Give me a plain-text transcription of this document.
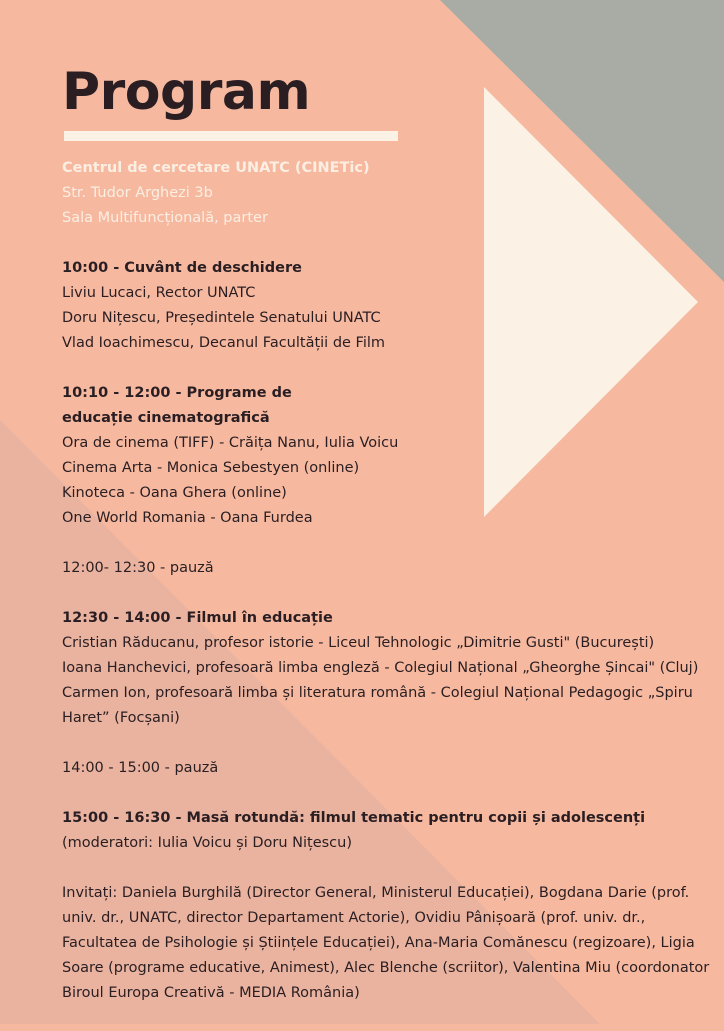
Program
Centrul de cercetare UNATC (CINETic)
Str. Tudor Arghezi 3b
Sala Multifuncțională, parter
10:00 - Cuvânt de deschidere
Liviu Lucaci, Rector UNATC
Doru Nițescu, Președintele Senatului UNATC
Vlad Ioachimescu, Decanul Facultății de Film
10:10 - 12:00 - Programe de educație cinematografică
Ora de cinema (TIFF) - Crăița Nanu, Iulia Voicu
Cinema Arta - Monica Sebestyen (online)
Kinoteca - Oana Ghera (online)
One World Romania - Oana Furdea
12:00- 12:30 - pauză
12:30 - 14:00 - Filmul în educație
Cristian Răducanu, profesor istorie - Liceul Tehnologic „Dimitrie Gusti" (București)
Ioana Hanchevici, profesoară limba engleză - Colegiul Național „Gheorghe Șincai" (Cluj)
Carmen Ion, profesoară limba și literatura română - Colegiul Național Pedagogic „Spiru Haret” (Focșani)
14:00 - 15:00 - pauză
15:00 - 16:30 - Masă rotundă: filmul tematic pentru copii și adolescenți
(moderatori: Iulia Voicu și Doru Nițescu)
Invitați: Daniela Burghilă (Director General, Ministerul Educației), Bogdana Darie (prof. univ. dr., UNATC, director Departament Actorie), Ovidiu Pânișoară (prof. univ. dr., Facultatea de Psihologie și Științele Educației), Ana-Maria Comănescu (regizoare), Ligia Soare (programe educative, Animest), Alec Blenche (scriitor), Valentina Miu (coordonator Biroul Europa Creativă - MEDIA România)
